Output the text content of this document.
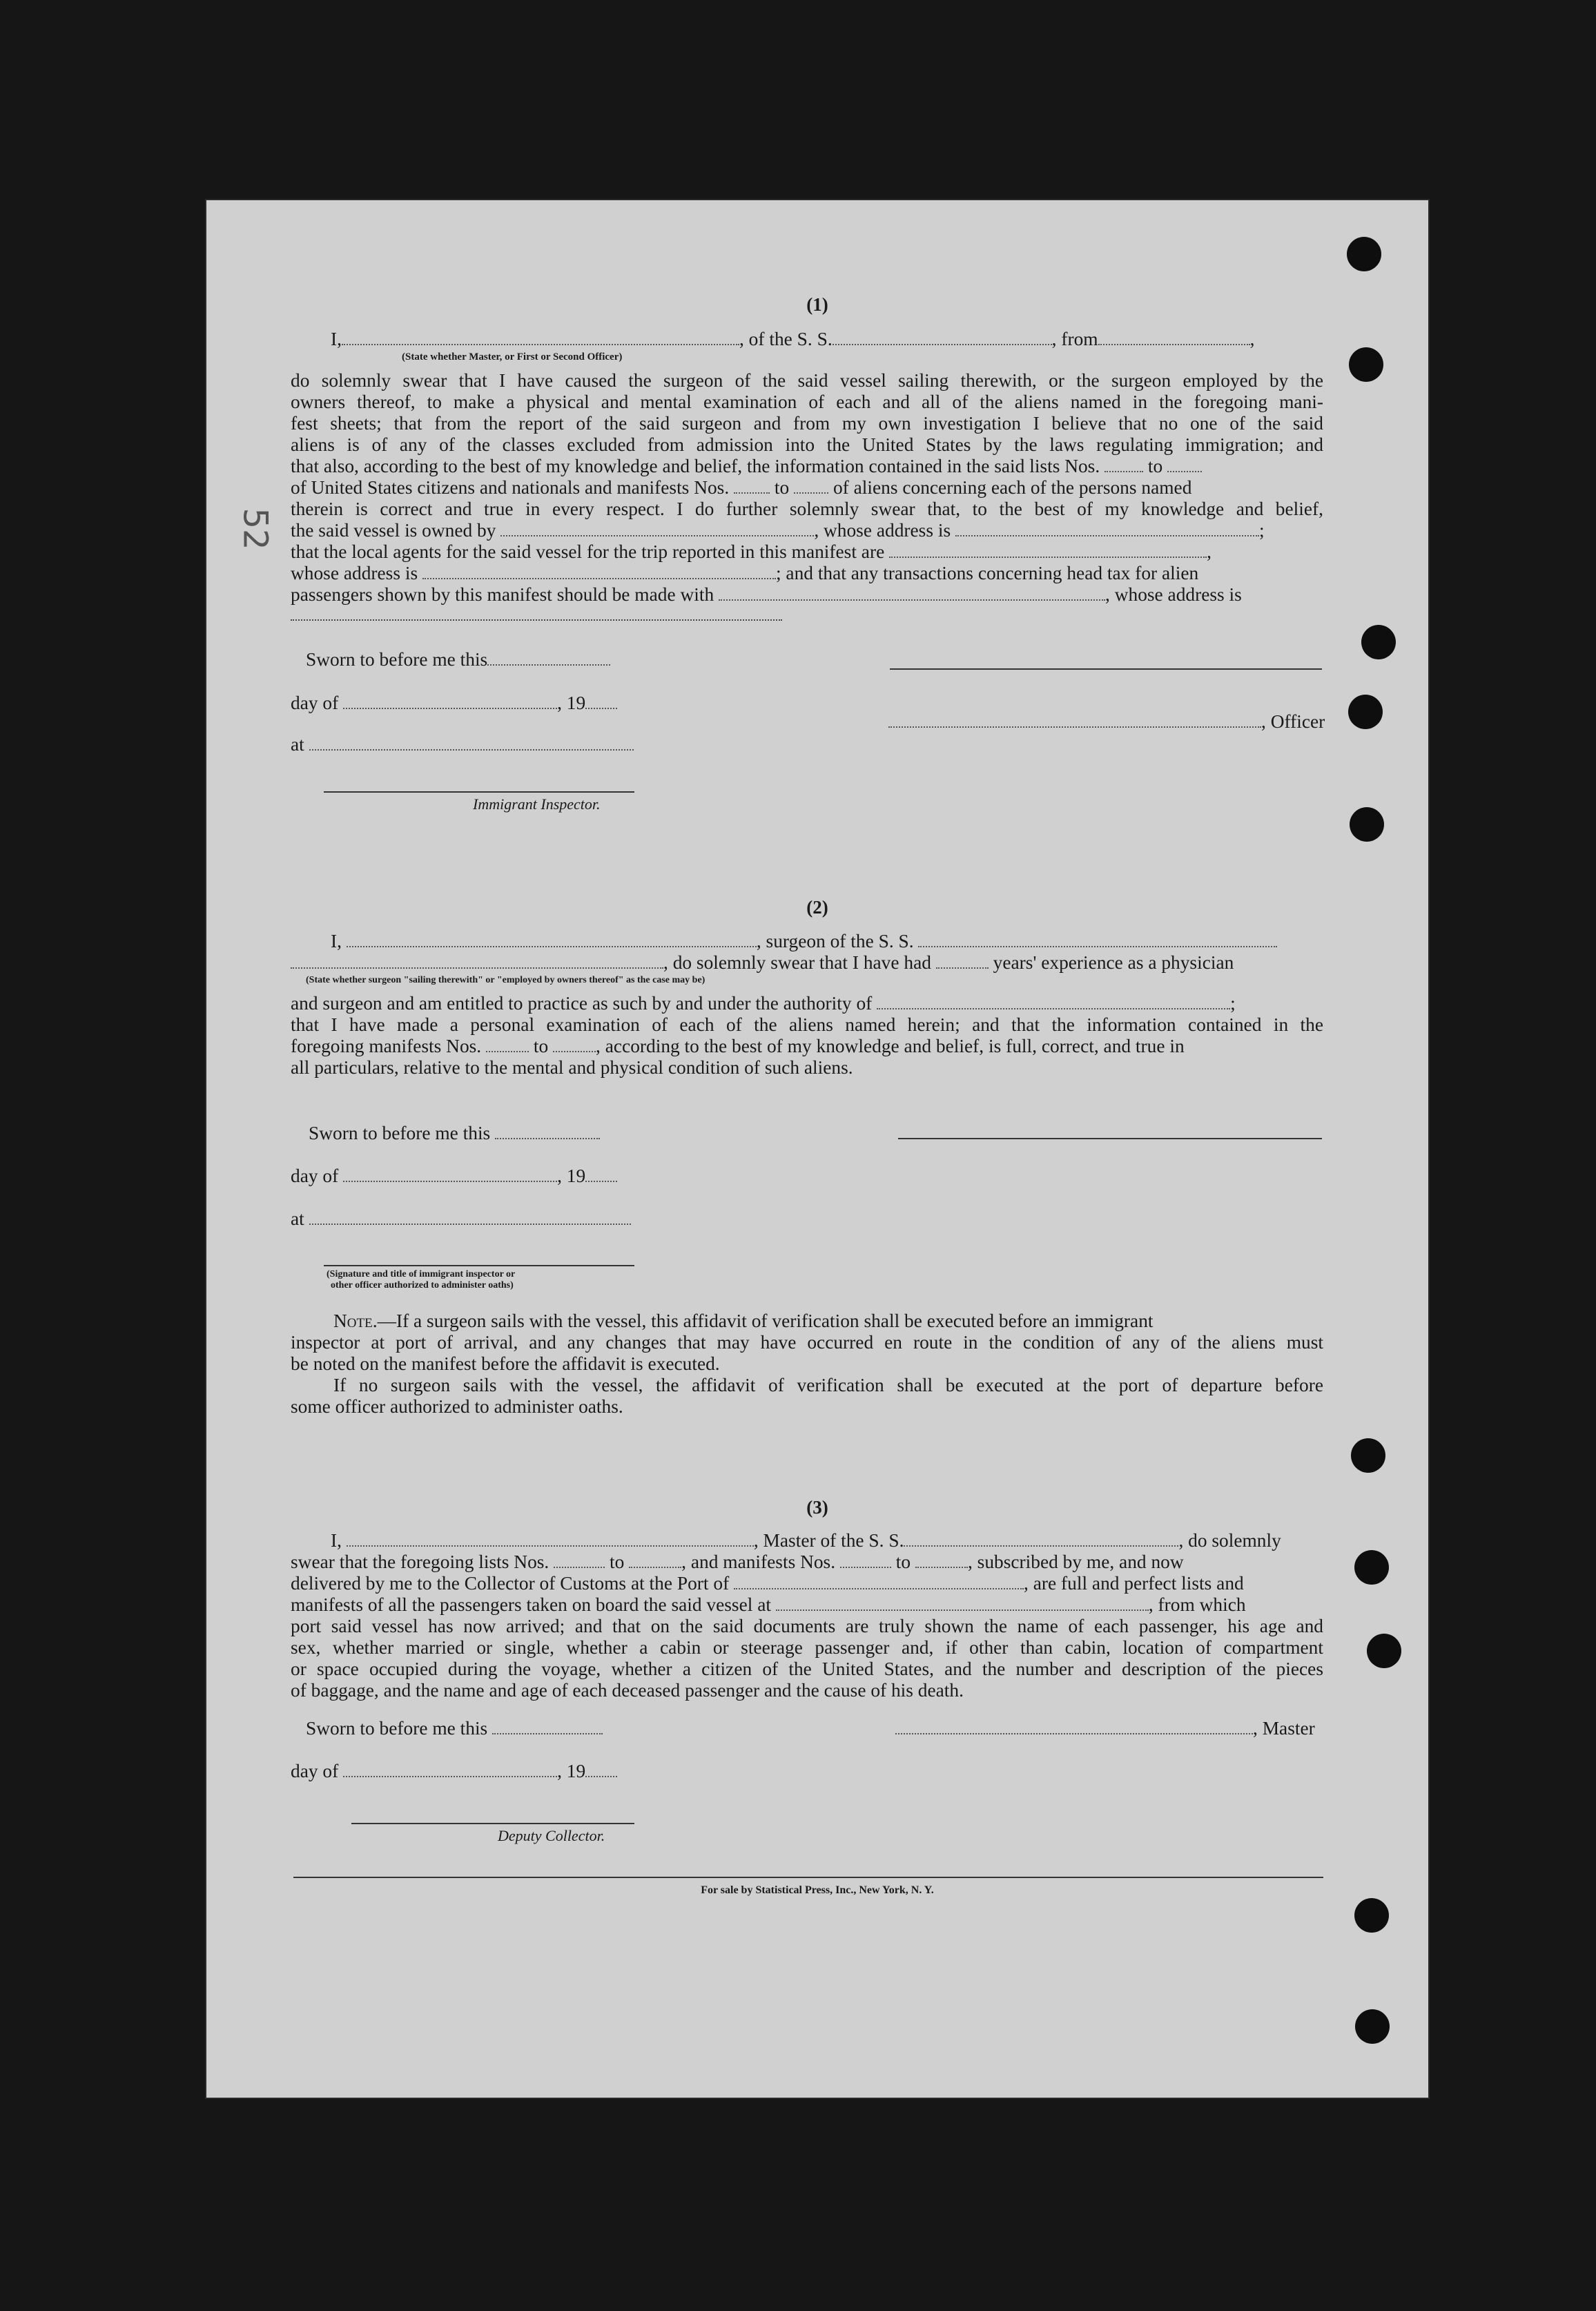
52
(1)
I,	, of the S. S.	, from	,
(State whether Master, or First or Second Officer)
do solemnly swear that I have caused the surgeon of the said vessel sailing therewith, or the surgeon employed by the
owners thereof, to make a physical and mental examination of each and all of the aliens named in the foregoing mani-
fest sheets; that from the report of the said surgeon and from my own investigation I believe that no one of the said
aliens is of any of the classes excluded from admission into the United States by the laws regulating immigration; and
that also, according to the best of my knowledge and belief, the information contained in the said lists Nos.	to
of United States citizens and nationals and manifests Nos. to of aliens concerning each of the persons named
therein is correct and true in every respect. I do further solemnly swear that, to the best of my knowledge and belief,
the said vessel is owned by	, whose address is	;
that the local agents for the said vessel for the trip reported in this manifest are	,
whose address is	; and that any transactions concerning head tax for alien
passengers shown by this manifest should be made with	, whose address is
Sworn to before me this
day of	, 19
, Officer
at
Immigrant Inspector.
(2)
I,	, surgeon of the S. S.
, do solemnly swear that I have had	years' experience as a physician
(State whether surgeon "sailing therewith" or "employed by owners thereof" as the case may be)
and surgeon and am entitled to practice as such by and under the authority of	;
that I have made a personal examination of each of the aliens named herein; and that the information contained in the
foregoing manifests Nos.	to	, according to the best of my knowledge and belief, is full, correct, and true in
all particulars, relative to the mental and physical condition of such aliens.
Sworn to before me this
day of	, 19
at
(Signature and title of immigrant inspector or
other officer authorized to administer oaths)
Note.—If a surgeon sails with the vessel, this affidavit of verification shall be executed before an immigrant
inspector at port of arrival, and any changes that may have occurred en route in the condition of any of the aliens must
be noted on the manifest before the affidavit is executed.
If no surgeon sails with the vessel, the affidavit of verification shall be executed at the port of departure before
some officer authorized to administer oaths.
(3)
I,	, Master of the S. S.	, do solemnly
swear that the foregoing lists Nos.	to	, and manifests Nos.	to	, subscribed by me, and now
delivered by me to the Collector of Customs at the Port of	, are full and perfect lists and
manifests of all the passengers taken on board the said vessel at	, from which
port said vessel has now arrived; and that on the said documents are truly shown the name of each passenger, his age and
sex, whether married or single, whether a cabin or steerage passenger and, if other than cabin, location of compartment
or space occupied during the voyage, whether a citizen of the United States, and the number and description of the pieces
of baggage, and the name and age of each deceased passenger and the cause of his death.
Sworn to before me this	, Master
day of	, 19
Deputy Collector.
For sale by Statistical Press, Inc., New York, N. Y.
